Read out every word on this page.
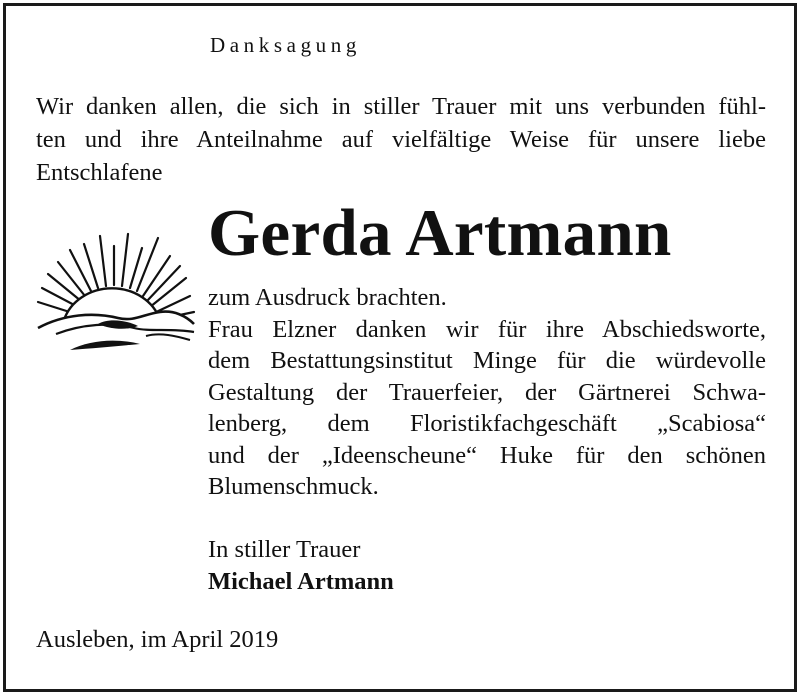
Danksagung
Wir danken allen, die sich in stiller Trauer mit uns verbunden fühl-
ten und ihre Anteilnahme auf vielfältige Weise für unsere liebe
Entschlafene
Gerda Artmann
zum Ausdruck brachten.
Frau Elzner danken wir für ihre Abschiedsworte,
dem Bestattungsinstitut Minge für die würdevolle
Gestaltung der Trauerfeier, der Gärtnerei Schwa-
lenberg, dem Floristikfachgeschäft „Scabiosa“
und der „Ideenscheune“ Huke für den schönen
Blumenschmuck.
In stiller Trauer
Michael Artmann
Ausleben, im April 2019
